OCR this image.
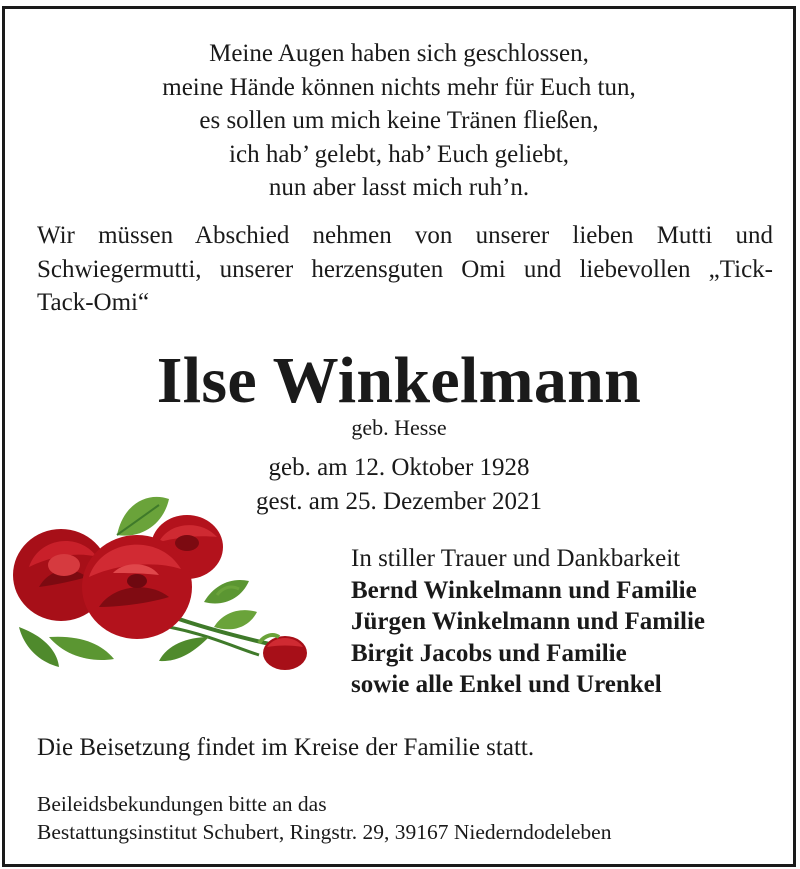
Meine Augen haben sich geschlossen,
meine Hände können nichts mehr für Euch tun,
es sollen um mich keine Tränen fließen,
ich hab’ gelebt, hab’ Euch geliebt,
nun aber lasst mich ruh’n.
Wir müssen Abschied nehmen von unserer lieben Mutti und
Schwiegermutti, unserer herzensguten Omi und liebevollen „Tick-
Tack-Omi“
Ilse Winkelmann
geb. Hesse
geb. am 12. Oktober 1928
gest. am 25. Dezember 2021
In stiller Trauer und Dankbarkeit
Bernd Winkelmann und Familie
Jürgen Winkelmann und Familie
Birgit Jacobs und Familie
sowie alle Enkel und Urenkel
Die Beisetzung findet im Kreise der Familie statt.
Beileidsbekundungen bitte an das
Bestattungsinstitut Schubert, Ringstr. 29, 39167 Niederndodeleben
